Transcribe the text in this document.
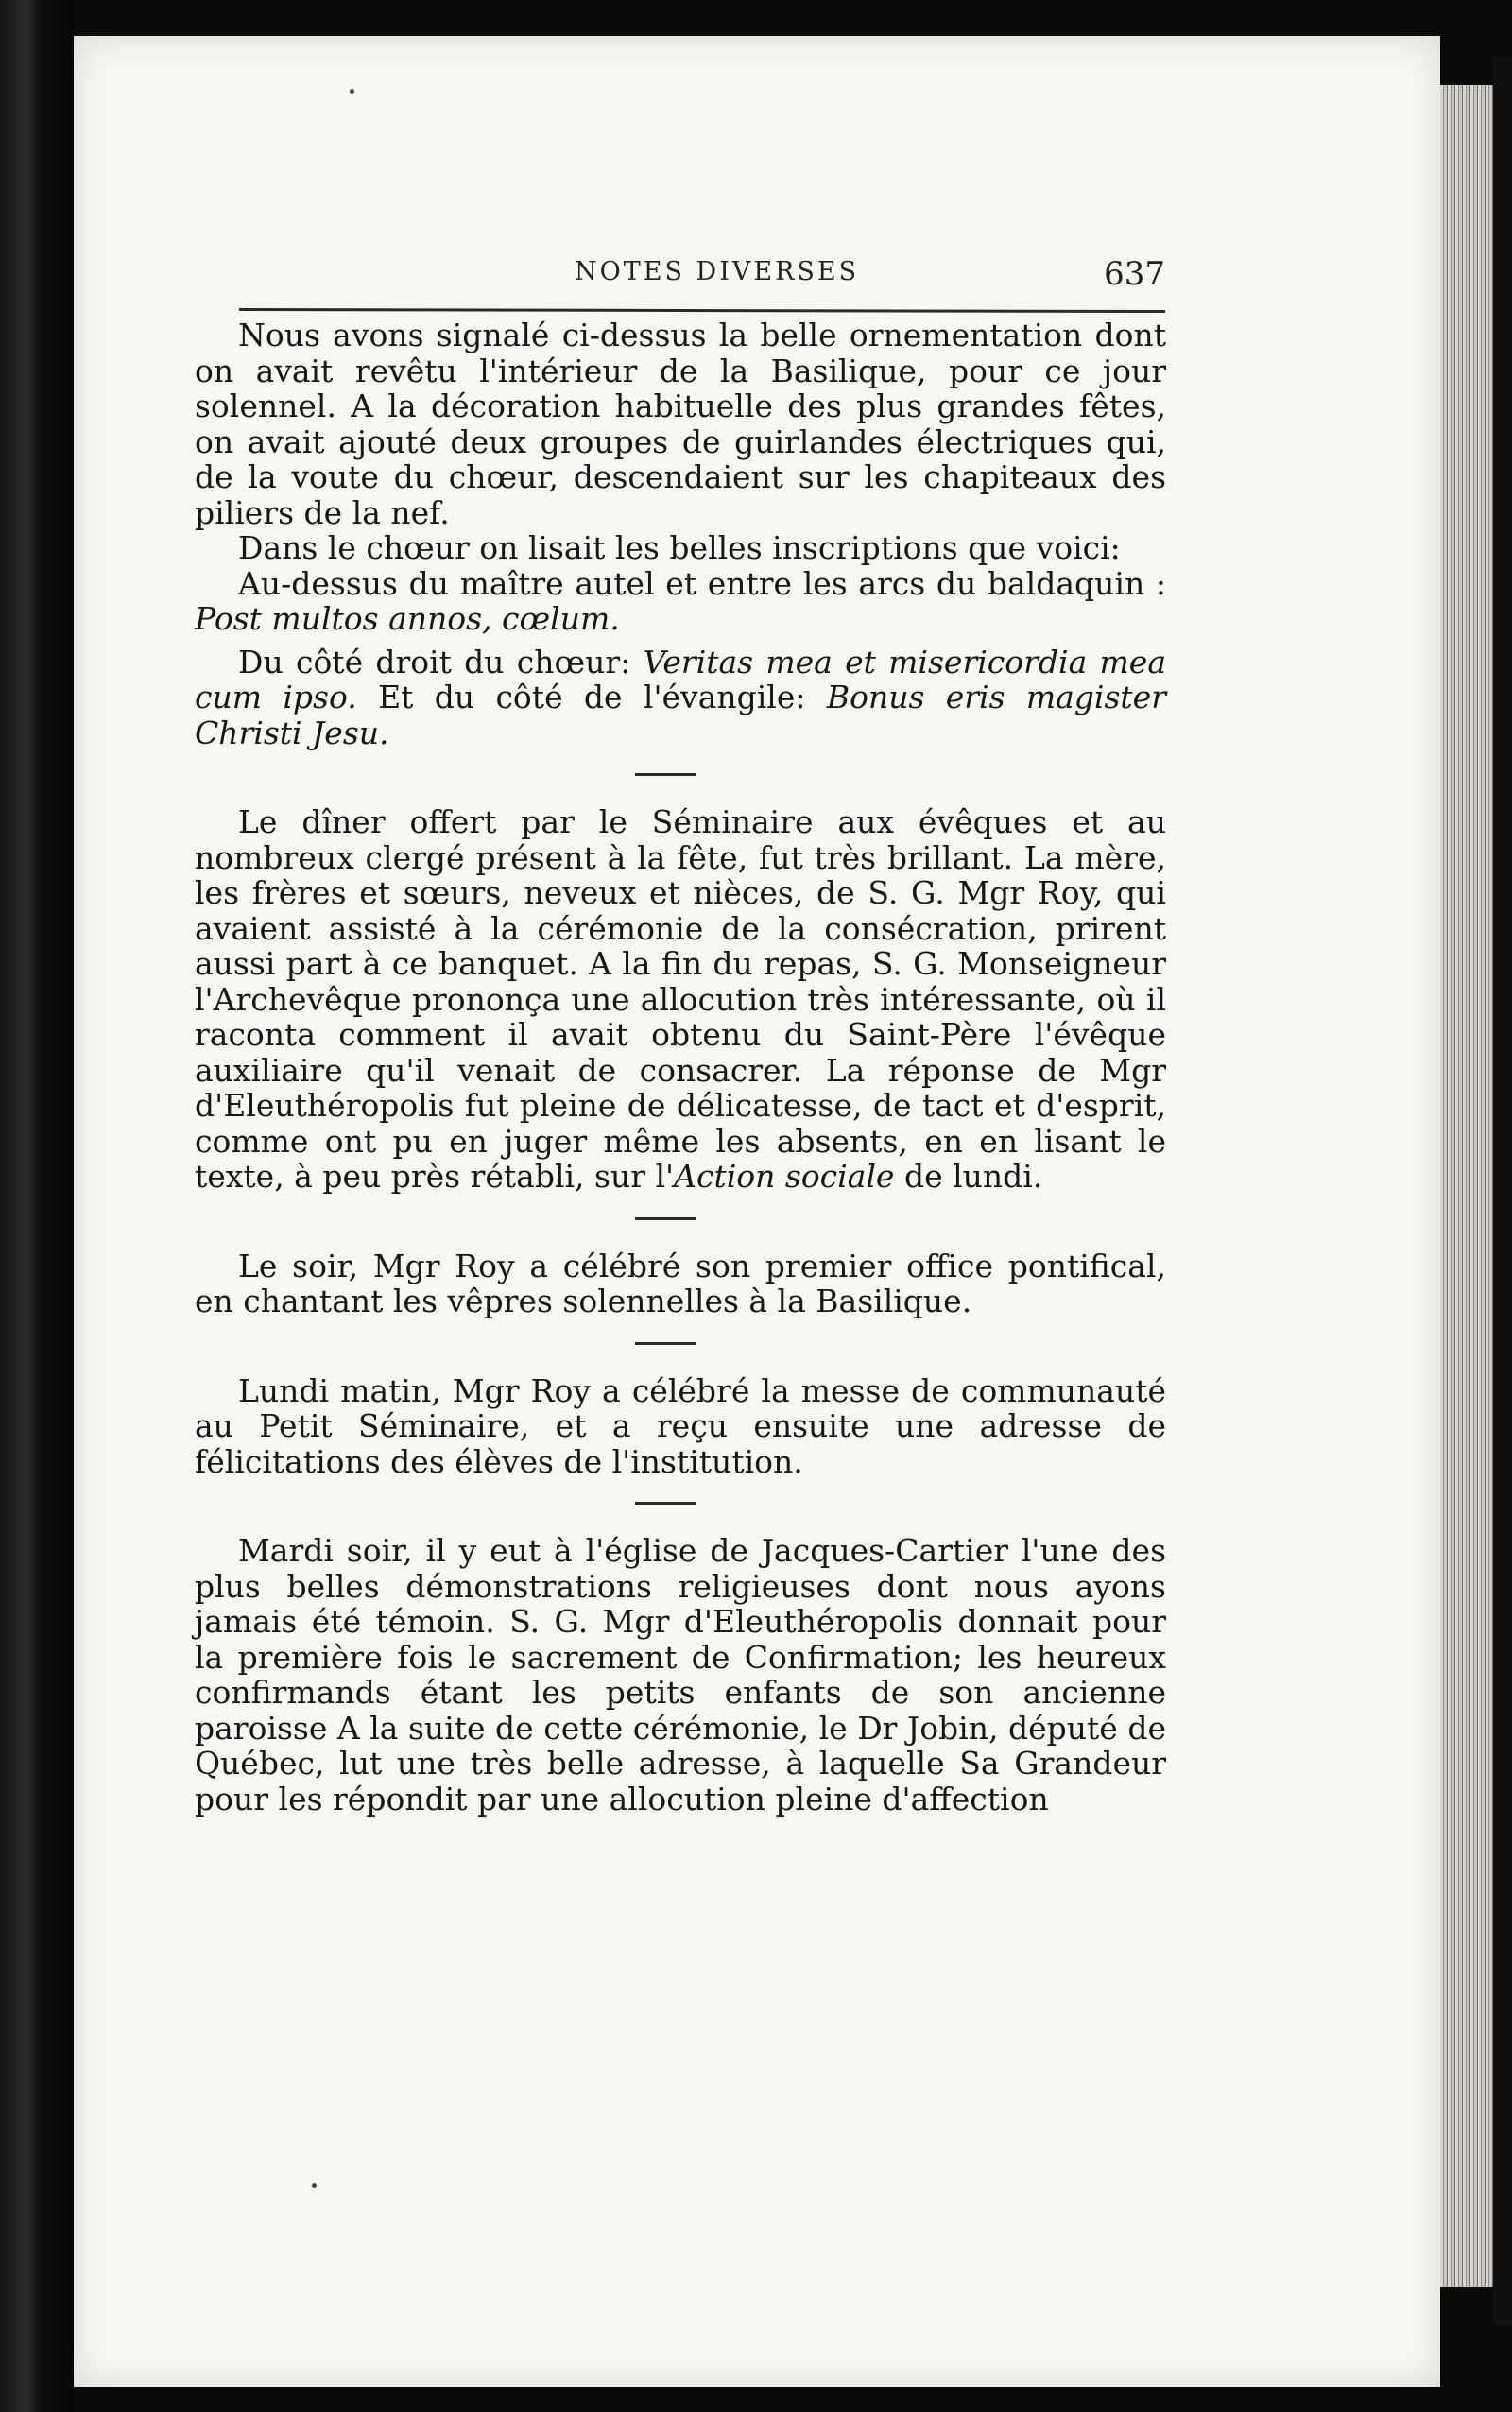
NOTES DIVERSES	637

Nous avons signalé ci-dessus la belle ornementation dont on avait revêtu l'intérieur de la Basilique, pour ce jour solennel. A la décoration habituelle des plus grandes fêtes, on avait ajouté deux groupes de guirlandes électriques qui, de la voute du chœur, descendaient sur les chapiteaux des piliers de la nef.

Dans le chœur on lisait les belles inscriptions que voici:

Au-dessus du maître autel et entre les arcs du baldaquin : Post multos annos, cœlum.

Du côté droit du chœur: Veritas mea et misericordia mea cum ipso. Et du côté de l'évangile: Bonus eris magister Christi Jesu.

Le dîner offert par le Séminaire aux évêques et au nombreux clergé présent à la fête, fut très brillant. La mère, les frères et sœurs, neveux et nièces, de S. G. Mgr Roy, qui avaient assisté à la cérémonie de la consécration, prirent aussi part à ce banquet. A la fin du repas, S. G. Monseigneur l'Archevêque prononça une allocution très intéressante, où il raconta comment il avait obtenu du Saint-Père l'évêque auxiliaire qu'il venait de consacrer. La réponse de Mgr d'Eleuthéropolis fut pleine de délicatesse, de tact et d'esprit, comme ont pu en juger même les absents, en en lisant le texte, à peu près rétabli, sur l'Action sociale de lundi.

Le soir, Mgr Roy a célébré son premier office pontifical, en chantant les vêpres solennelles à la Basilique.

Lundi matin, Mgr Roy a célébré la messe de communauté au Petit Séminaire, et a reçu ensuite une adresse de félicitations des élèves de l'institution.

Mardi soir, il y eut à l'église de Jacques-Cartier l'une des plus belles démonstrations religieuses dont nous ayons jamais été témoin. S. G. Mgr d'Eleuthéropolis donnait pour la première fois le sacrement de Confirmation; les heureux confirmands étant les petits enfants de son ancienne paroisse A la suite de cette cérémonie, le Dr Jobin, député de Québec, lut une très belle adresse, à laquelle Sa Grandeur pour les répondit par une allocution pleine d'affection
